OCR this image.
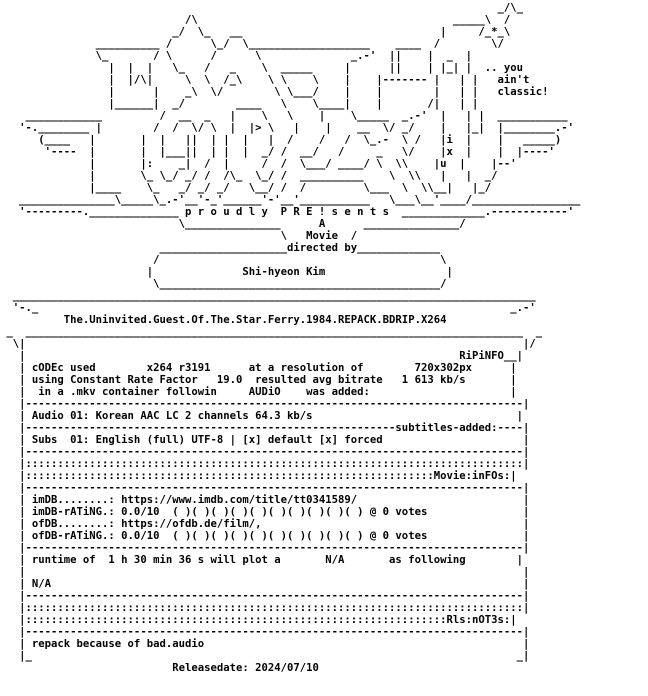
_/\_
/\                                        _____\  /
_/  \_   __                               |     /_*_\
__________ /      \_/  \___________________    ____  /        \/
\_       / \      /      \              _.-'  ||    |  _  |
|  |  |   \_   /   _    \  _____     |      ||    | |_| |  .. you
|  |/\|     \  \  /_\    \ \    \    |    |------- |   | |   ain't
|      |    _\  \/        \ \___/    |    |        |   | |   classic!
|______|  _/        ____   \    \____|    |       /|   | |
____________         /  __  _   |    \   \    |    \_____  _.-'  |   | |  ___________
'-.________ |        /  /  \/ \  |  |> \   |    |    __  \/ _/    |   |_|  |________.-'
(____   |       |  |   ||  | |  |   |  /    /   /  \_.-  \ /   |i  |    |   _____)
'----  |       |  |___||  | |  |  _/ /  __/   /     _   \/    |x  |    |  |----'
|       |:    _|  /  |     /  /  \___/ ____/ \  \\    |u  |    |--'
|       \_ \_/ _/ /  /\_  \_/ /  __________    \  \\   |   |  _/
|____    \_   _/ _/ _/   \__/ /  /         \___  \  \\__|   |_/
_______________\_____\_.-'__'-_'______'-'__'___________   \___\__'____/_________________
'---------.______________ p r o u d l y  P R E ! s e n t s  _____________.------------'
\_______________      A      _______________/
\   Movie  /
____________________directed by_____________
/                                            \
|              Shi-hyeon Kim                   |
\____________________________________________/
__________________________________________________________________________________
'-._                                                                          _.-'
The.Uninvited.Guest.Of.The.Star.Ferry.1984.REPACK.BDRIP.X264
_  ______________________________________________________________________________  _
\|                                                                              |/
|                                                                    RiPiNFO__|
| cODEc used        x264 r3191      at a resolution of        720x302px      |
| using Constant Rate Factor   19.0  resulted avg bitrate   1 613 kb/s       |
|  in a .mkv container followin     AUDiO    was added:                      |
|------------------------------------------------------------------------------|
| Audio 01: Korean AAC LC 2 channels 64.3 kb/s                                |
|----------------------------------------------------------subtitles-added:----|
| Subs  01: English (full) UTF-8 | [x] default [x] forced                      |
|------------------------------------------------------------------------------|
|::::::::::::::::::::::::::::::::::::::::::::::::::::::::::::::::::::::::::::::|
|::::::::::::::::::::::::::::::::::::::::::::::::::::::::::::::::Movie:inFOs:|
|------------------------------------------------------------------------------|
| imDB........: https://www.imdb.com/title/tt0341589/                          |
| imDB-rATiNG.: 0.0/10  ( )( )( )( )( )( )( )( )( )( ) @ 0 votes               |
| ofDB........: https://ofdb.de/film/,                                         |
| ofDB-rATiNG.: 0.0/10  ( )( )( )( )( )( )( )( )( )( ) @ 0 votes               |
|------------------------------------------------------------------------------|
| runtime of  1 h 30 min 36 s will plot a       N/A       as following        |
|                                                                              |
| N/A                                                                          |
|------------------------------------------------------------------------------|
|::::::::::::::::::::::::::::::::::::::::::::::::::::::::::::::::::::::::::::::|
|::::::::::::::::::::::::::::::::::::::::::::::::::::::::::::::::::Rls:nOT3s:|
|------------------------------------------------------------------------------|
| repack because of bad.audio                                                  |
|_                                                                            _|
Releasedate: 2024/07/10
